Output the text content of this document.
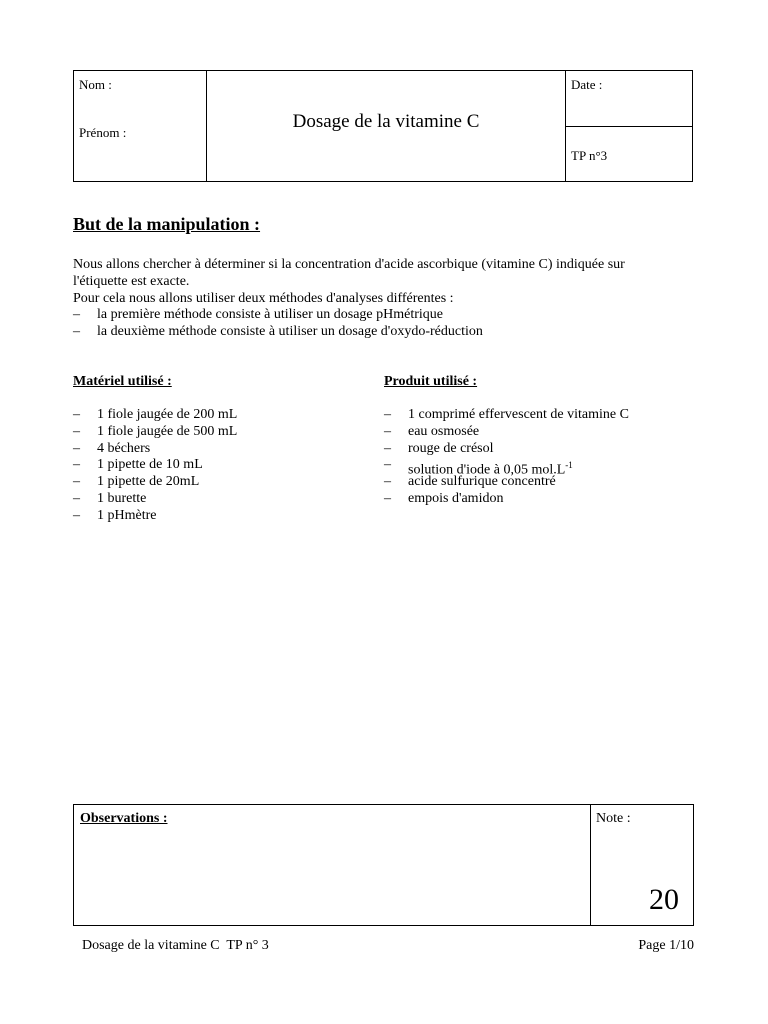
Nom :
Prénom :
Dosage de la vitamine C
Date :
TP n°3
But de la manipulation :
Nous allons chercher à déterminer si la concentration d'acide ascorbique (vitamine C) indiquée sur
l'étiquette est exacte.
Pour cela nous allons utiliser deux méthodes d'analyses différentes :
– la première méthode consiste à utiliser un dosage pHmétrique
– la deuxième méthode consiste à utiliser un dosage d'oxydo-réduction
Matériel utilisé :
– 1 fiole jaugée de 200 mL
– 1 fiole jaugée de 500 mL
– 4 béchers
– 1 pipette de 10 mL
– 1 pipette de 20mL
– 1 burette
– 1 pHmètre
Produit utilisé :
– 1 comprimé effervescent de vitamine C
– eau osmosée
– rouge de crésol
– solution d'iode à 0,05 $mol.L^{-1}$
– acide sulfurique concentré
– empois d'amidon
Observations :	Note :
20
Dosage de la vitamine C  TP n° 3	Page 1/10
